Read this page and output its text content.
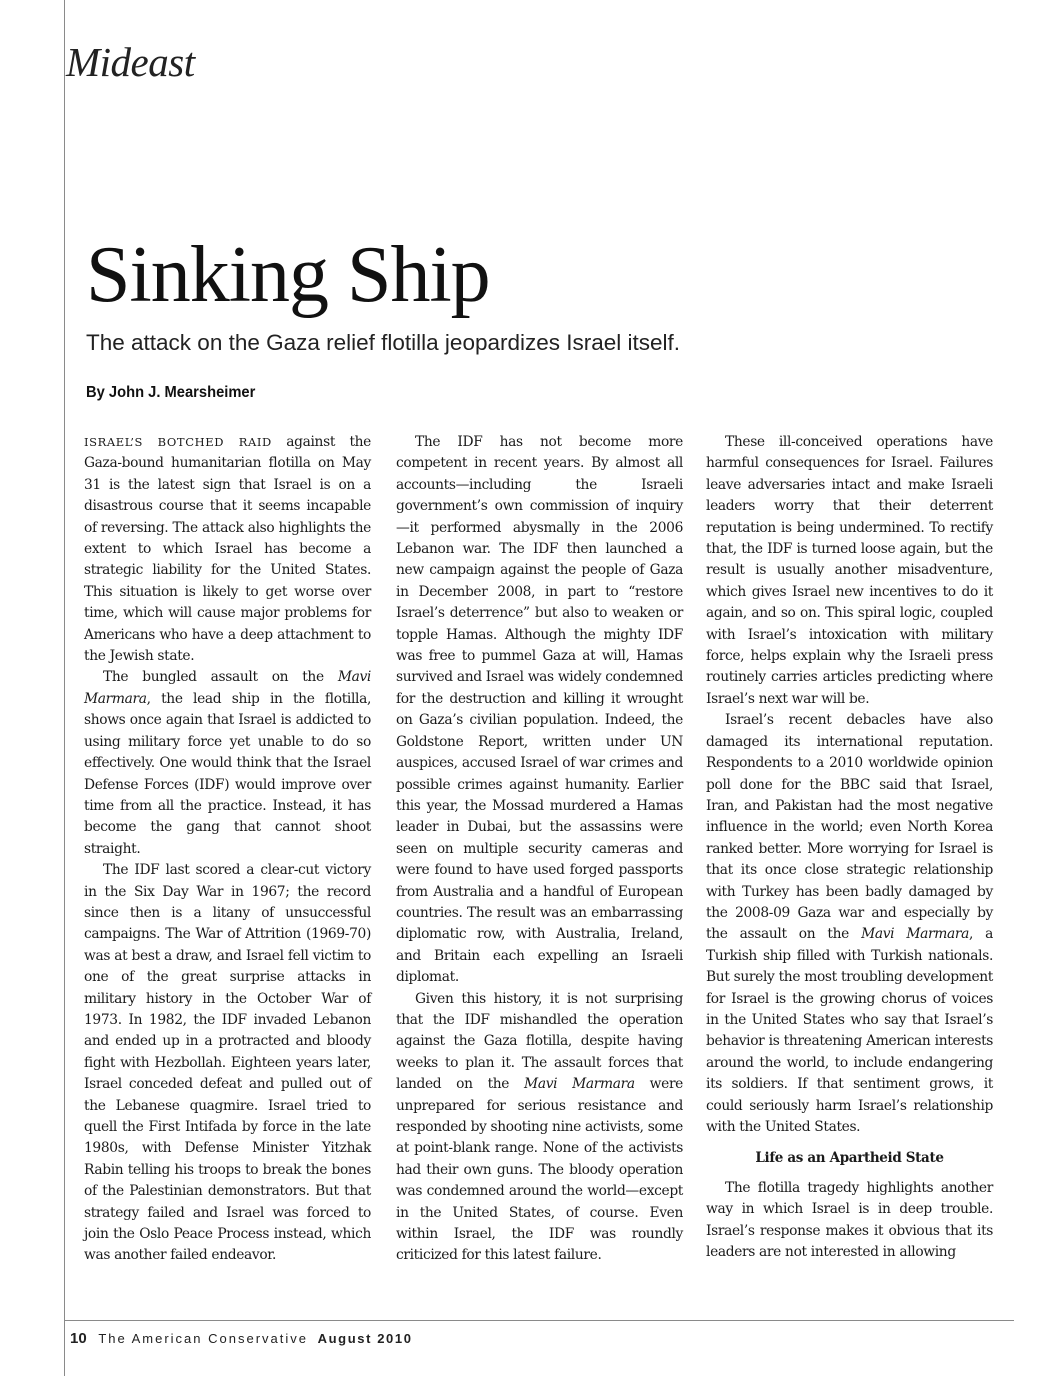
Mideast
Sinking Ship
The attack on the Gaza relief flotilla jeopardizes Israel itself.
By John J. Mearsheimer

ISRAEL’S BOTCHED RAID against the Gaza-bound humanitarian flotilla on May 31 is the latest sign that Israel is on a disastrous course that it seems incapable of reversing. The attack also highlights the extent to which Israel has become a strategic liability for the United States. This situation is likely to get worse over time, which will cause major problems for Americans who have a deep attachment to the Jewish state.

The bungled assault on the Mavi Marmara, the lead ship in the flotilla, shows once again that Israel is addicted to using military force yet unable to do so effectively. One would think that the Israel Defense Forces (IDF) would improve over time from all the practice. Instead, it has become the gang that cannot shoot straight.

The IDF last scored a clear-cut victory in the Six Day War in 1967; the record since then is a litany of unsuccessful campaigns. The War of Attrition (1969-70) was at best a draw, and Israel fell victim to one of the great surprise attacks in military history in the October War of 1973. In 1982, the IDF invaded Lebanon and ended up in a protracted and bloody fight with Hezbollah. Eighteen years later, Israel conceded defeat and pulled out of the Lebanese quagmire. Israel tried to quell the First Intifada by force in the late 1980s, with Defense Minister Yitzhak Rabin telling his troops to break the bones of the Palestinian demonstrators. But that strategy failed and Israel was forced to join the Oslo Peace Process instead, which was another failed endeavor.

The IDF has not become more competent in recent years. By almost all accounts—including the Israeli government’s own commission of inquiry—it performed abysmally in the 2006 Lebanon war. The IDF then launched a new campaign against the people of Gaza in December 2008, in part to “restore Israel’s deterrence” but also to weaken or topple Hamas. Although the mighty IDF was free to pummel Gaza at will, Hamas survived and Israel was widely condemned for the destruction and killing it wrought on Gaza’s civilian population. Indeed, the Goldstone Report, written under UN auspices, accused Israel of war crimes and possible crimes against humanity. Earlier this year, the Mossad murdered a Hamas leader in Dubai, but the assassins were seen on multiple security cameras and were found to have used forged passports from Australia and a handful of European countries. The result was an embarrassing diplomatic row, with Australia, Ireland, and Britain each expelling an Israeli diplomat.

Given this history, it is not surprising that the IDF mishandled the operation against the Gaza flotilla, despite having weeks to plan it. The assault forces that landed on the Mavi Marmara were unprepared for serious resistance and responded by shooting nine activists, some at point-blank range. None of the activists had their own guns. The bloody operation was condemned around the world—except in the United States, of course. Even within Israel, the IDF was roundly criticized for this latest failure.

These ill-conceived operations have harmful consequences for Israel. Failures leave adversaries intact and make Israeli leaders worry that their deterrent reputation is being undermined. To rectify that, the IDF is turned loose again, but the result is usually another misadventure, which gives Israel new incentives to do it again, and so on. This spiral logic, coupled with Israel’s intoxication with military force, helps explain why the Israeli press routinely carries articles predicting where Israel’s next war will be.

Israel’s recent debacles have also damaged its international reputation. Respondents to a 2010 worldwide opinion poll done for the BBC said that Israel, Iran, and Pakistan had the most negative influence in the world; even North Korea ranked better. More worrying for Israel is that its once close strategic relationship with Turkey has been badly damaged by the 2008-09 Gaza war and especially by the assault on the Mavi Marmara, a Turkish ship filled with Turkish nationals. But surely the most troubling development for Israel is the growing chorus of voices in the United States who say that Israel’s behavior is threatening American interests around the world, to include endangering its soldiers. If that sentiment grows, it could seriously harm Israel’s relationship with the United States.

Life as an Apartheid State

The flotilla tragedy highlights another way in which Israel is in deep trouble. Israel’s response makes it obvious that its leaders are not interested in allowing

10 The American Conservative August 2010
